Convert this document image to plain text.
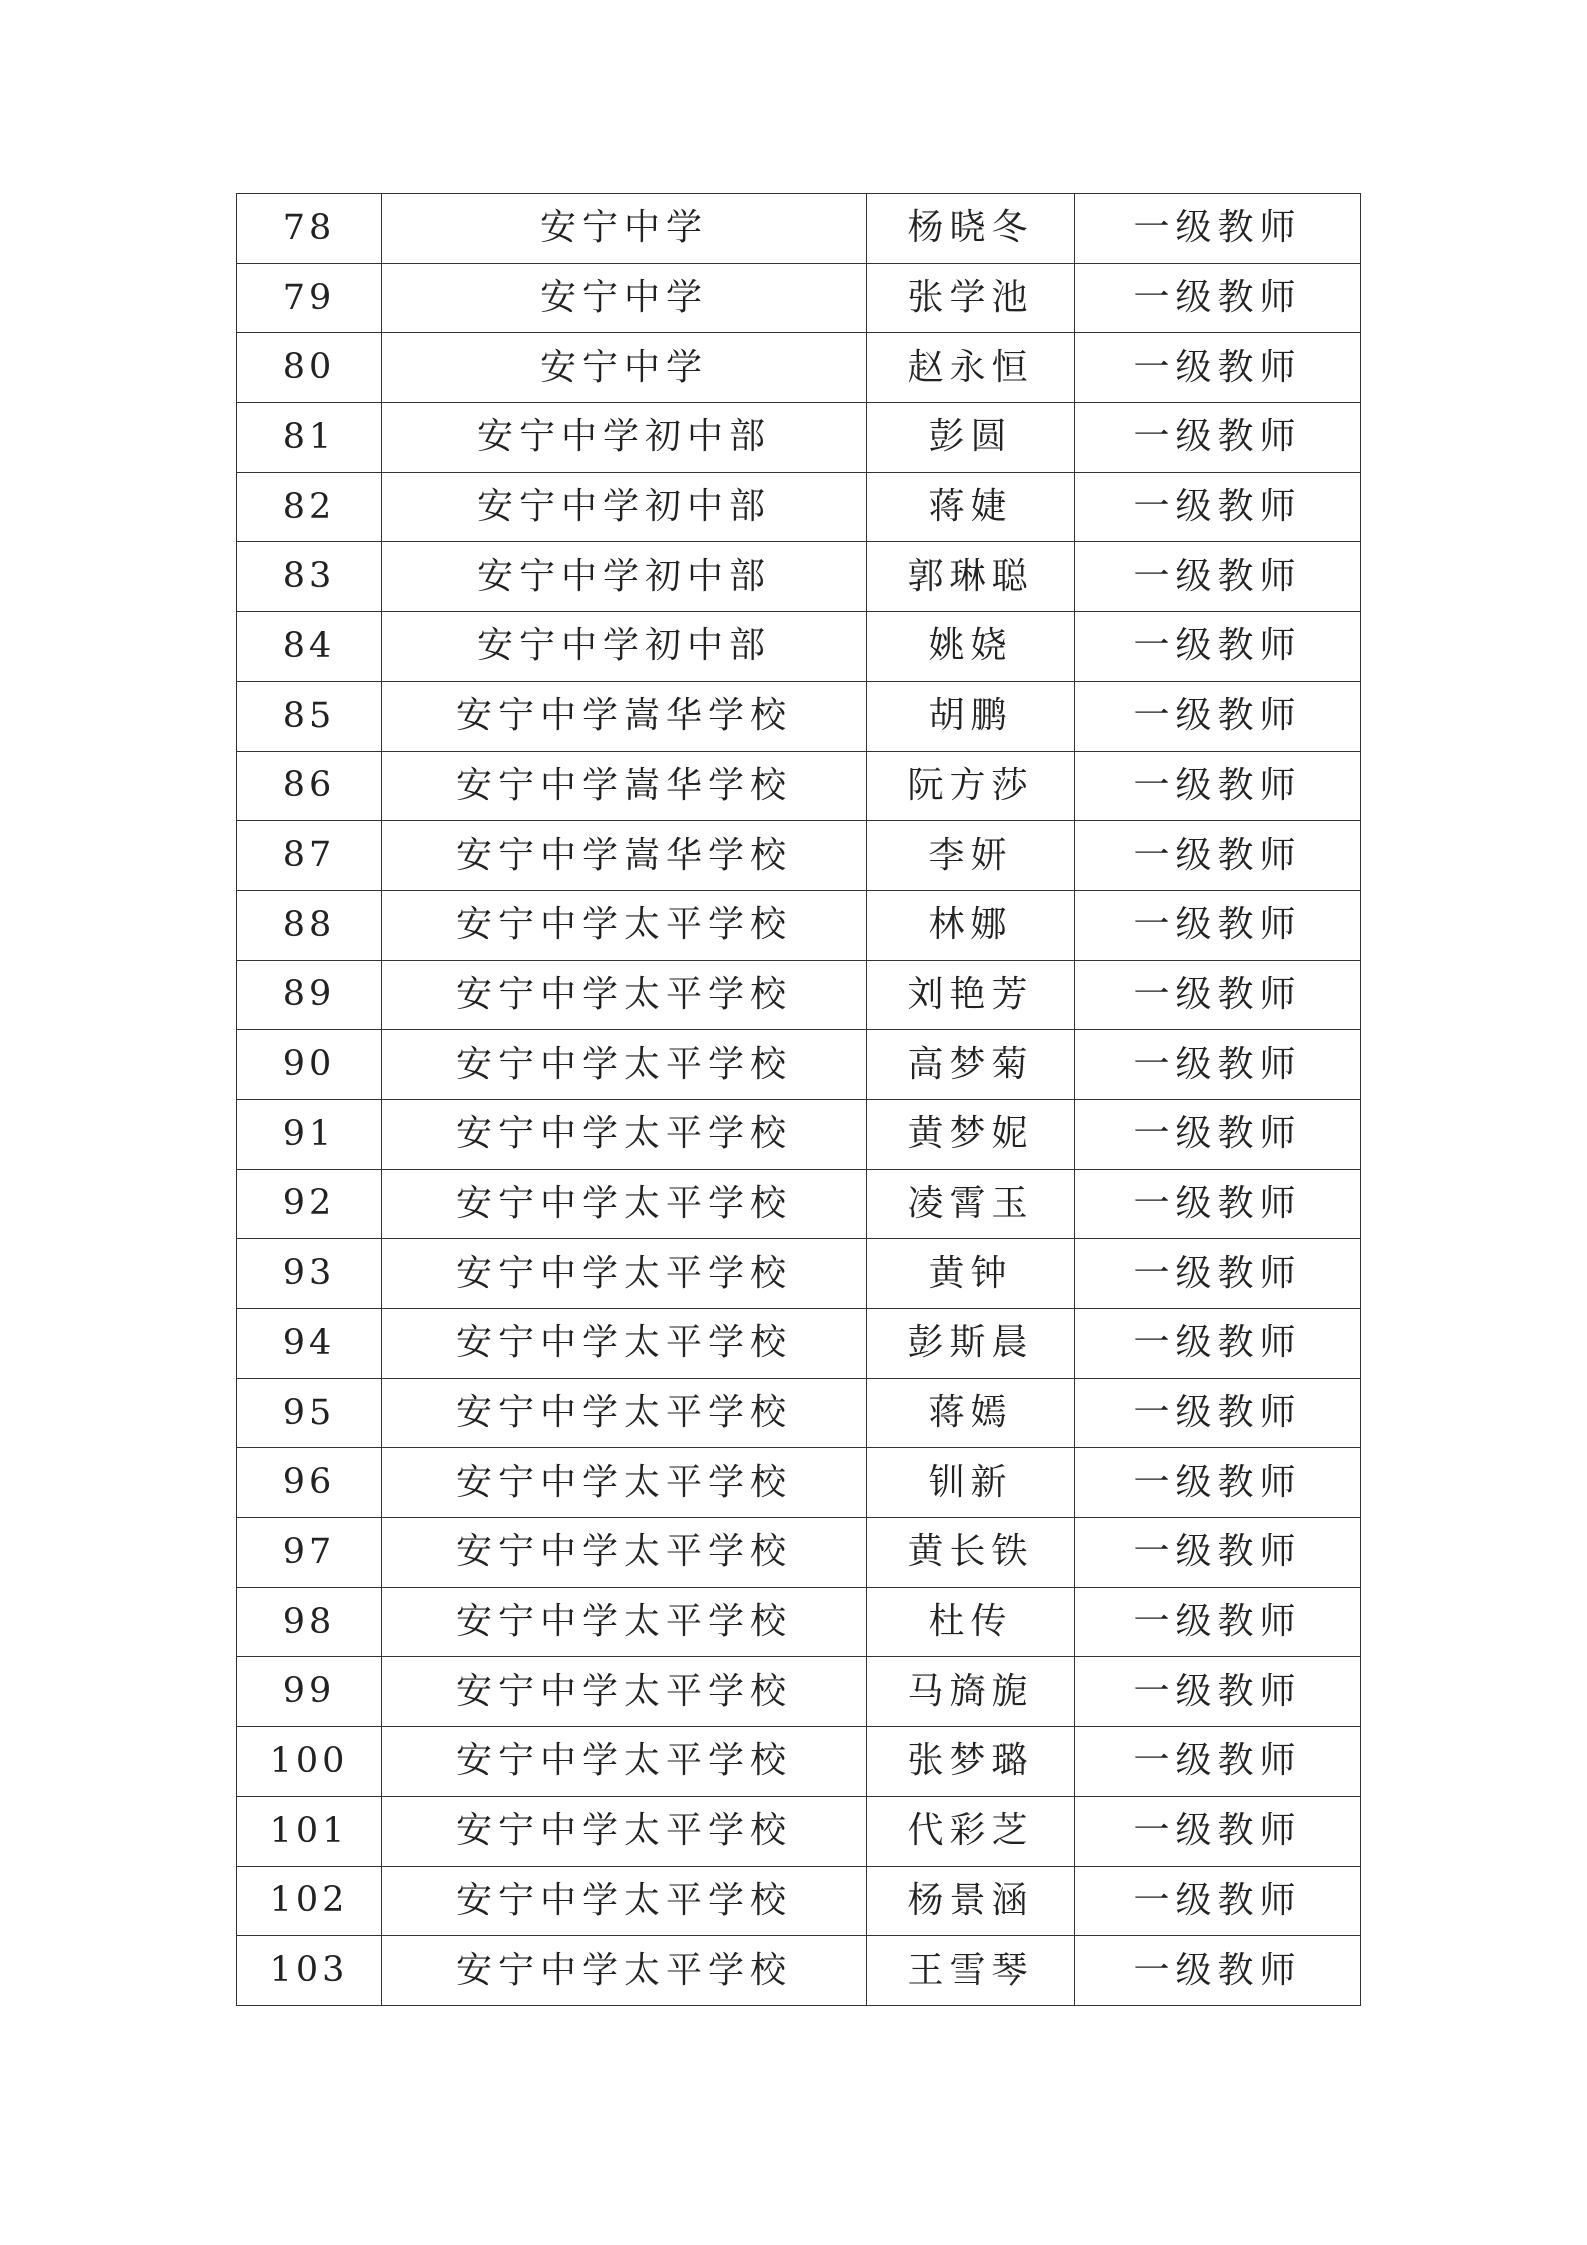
78	安宁中学	杨晓冬	一级教师
79	安宁中学	张学池	一级教师
80	安宁中学	赵永恒	一级教师
81	安宁中学初中部	彭圆	一级教师
82	安宁中学初中部	蒋婕	一级教师
83	安宁中学初中部	郭琳聪	一级教师
84	安宁中学初中部	姚娆	一级教师
85	安宁中学嵩华学校	胡鹏	一级教师
86	安宁中学嵩华学校	阮方莎	一级教师
87	安宁中学嵩华学校	李妍	一级教师
88	安宁中学太平学校	林娜	一级教师
89	安宁中学太平学校	刘艳芳	一级教师
90	安宁中学太平学校	高梦菊	一级教师
91	安宁中学太平学校	黄梦妮	一级教师
92	安宁中学太平学校	凌霄玉	一级教师
93	安宁中学太平学校	黄钟	一级教师
94	安宁中学太平学校	彭斯晨	一级教师
95	安宁中学太平学校	蒋嫣	一级教师
96	安宁中学太平学校	钏新	一级教师
97	安宁中学太平学校	黄长铁	一级教师
98	安宁中学太平学校	杜传	一级教师
99	安宁中学太平学校	马旖旎	一级教师
100	安宁中学太平学校	张梦璐	一级教师
101	安宁中学太平学校	代彩芝	一级教师
102	安宁中学太平学校	杨景涵	一级教师
103	安宁中学太平学校	王雪琴	一级教师
